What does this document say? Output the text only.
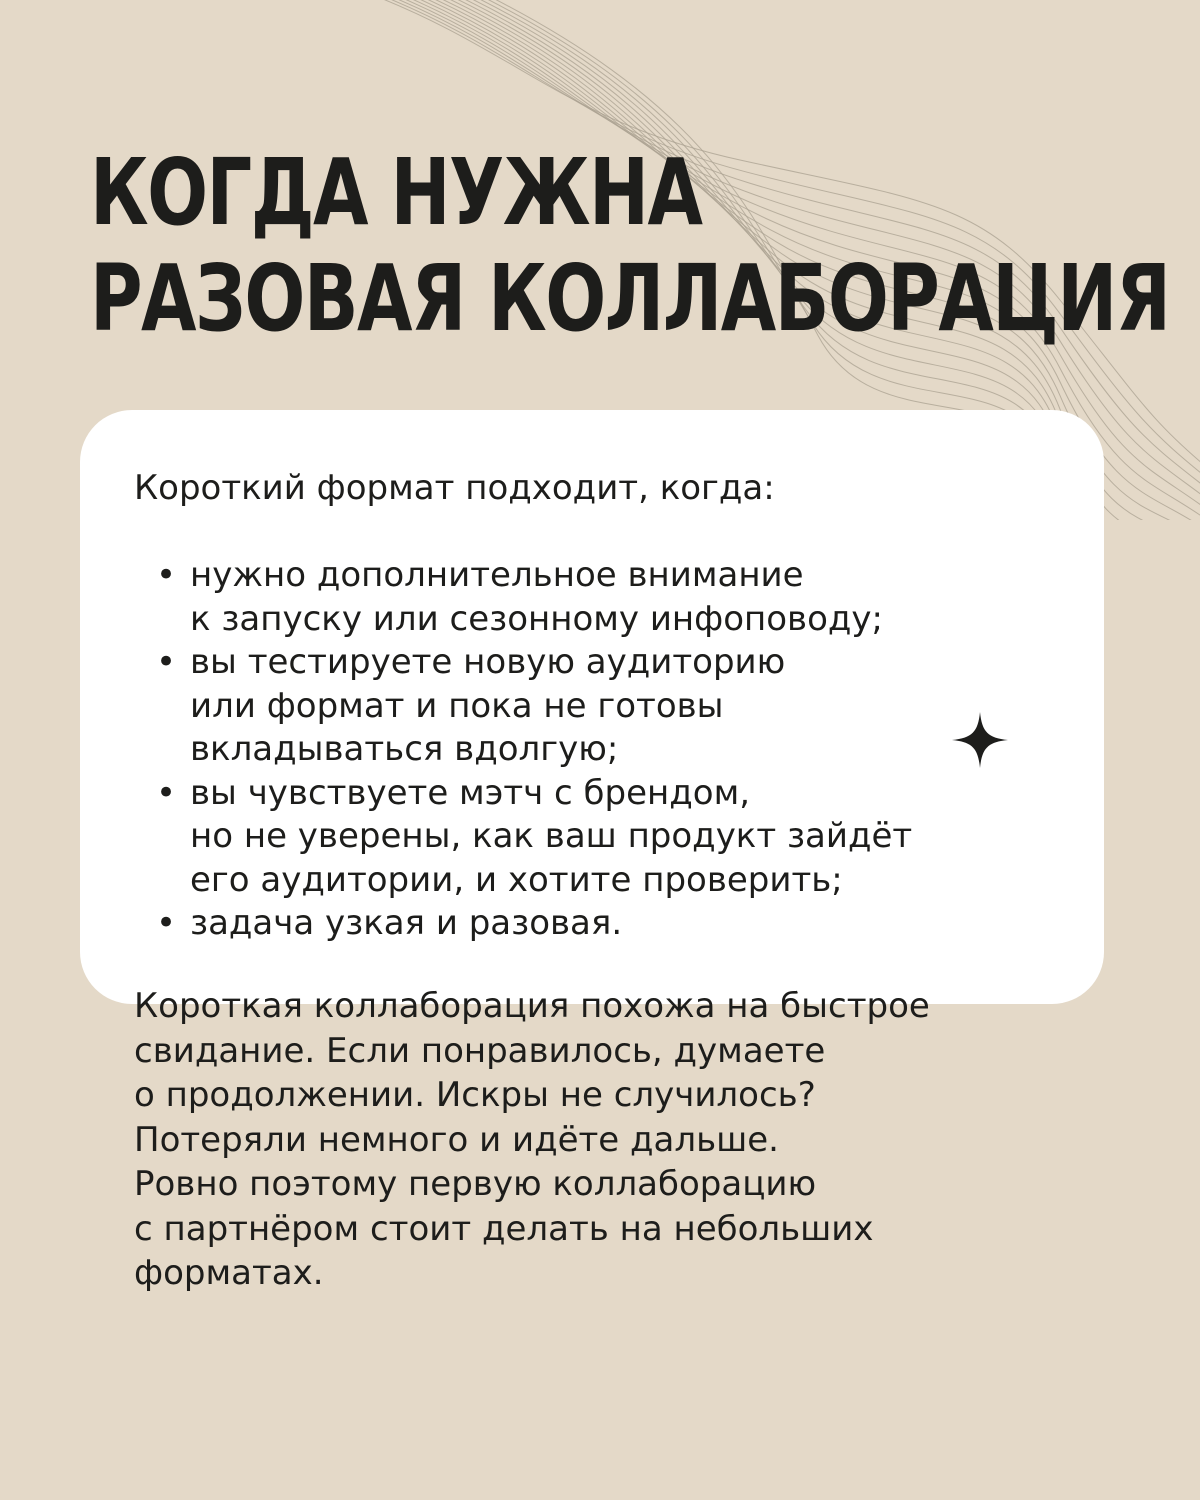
КОГДА НУЖНА
РАЗОВАЯ КОЛЛАБОРАЦИЯ

Короткий формат подходит, когда:

• нужно дополнительное внимание
к запуску или сезонному инфоповоду;
• вы тестируете новую аудиторию
или формат и пока не готовы
вкладываться вдолгую;
• вы чувствуете мэтч с брендом,
но не уверены, как ваш продукт зайдёт
его аудитории, и хотите проверить;
• задача узкая и разовая.

Короткая коллаборация похожа на быстрое
свидание. Если понравилось, думаете
о продолжении. Искры не случилось?
Потеряли немного и идёте дальше.
Ровно поэтому первую коллаборацию
с партнёром стоит делать на небольших
форматах.
